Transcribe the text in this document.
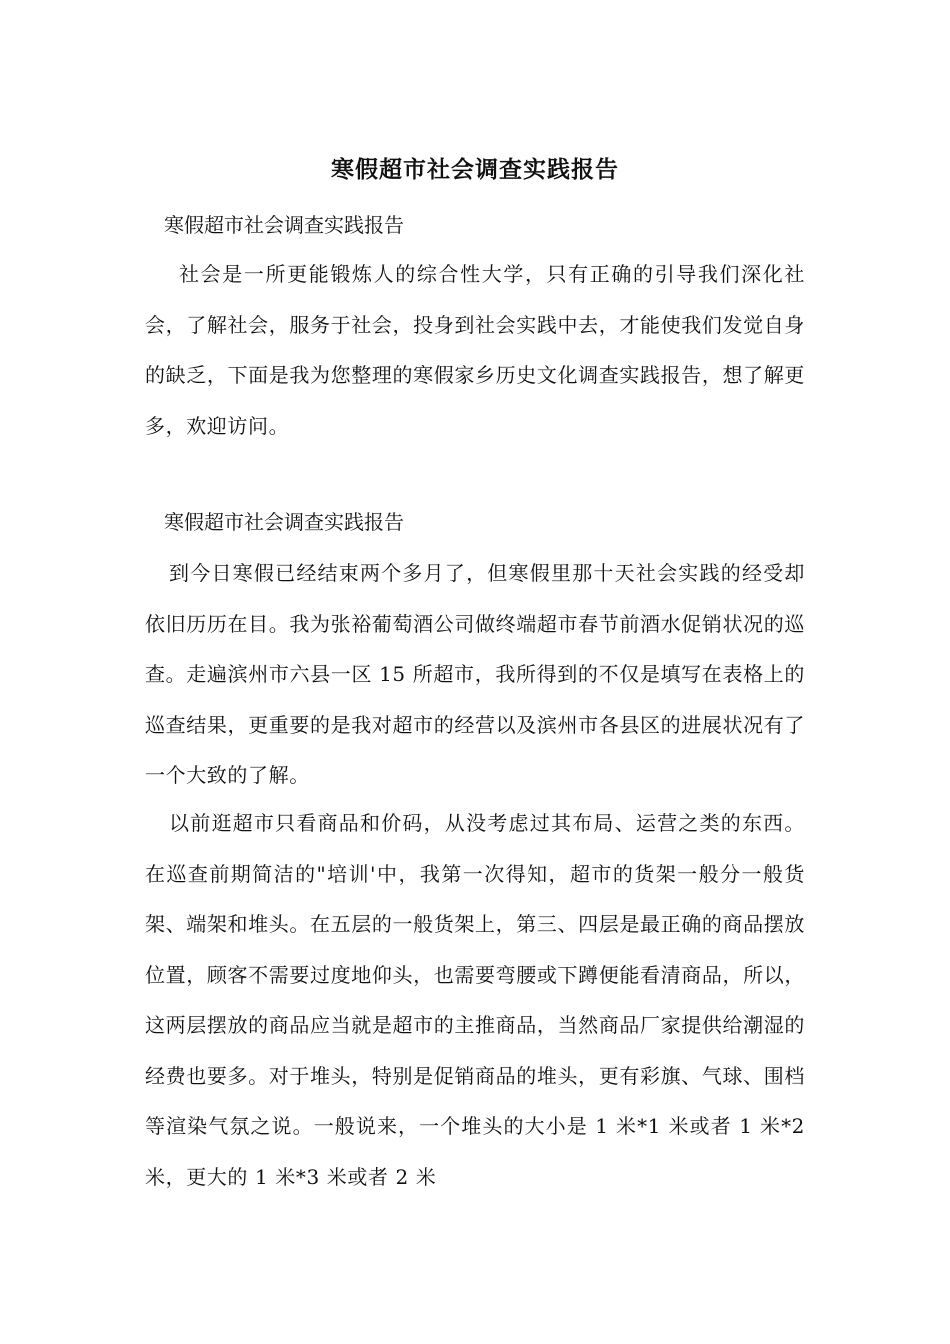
寒假超市社会调查实践报告

寒假超市社会调查实践报告

社会是一所更能锻炼人的综合性大学，只有正确的引导我们深化社会，了解社会，服务于社会，投身到社会实践中去，才能使我们发觉自身的缺乏，下面是我为您整理的寒假家乡历史文化调查实践报告，想了解更多，欢迎访问。

寒假超市社会调查实践报告

到今日寒假已经结束两个多月了，但寒假里那十天社会实践的经受却依旧历历在目。我为张裕葡萄酒公司做终端超市春节前酒水促销状况的巡查。走遍滨州市六县一区 15 所超市，我所得到的不仅是填写在表格上的巡查结果，更重要的是我对超市的经营以及滨州市各县区的进展状况有了一个大致的了解。

以前逛超市只看商品和价码，从没考虑过其布局、运营之类的东西。在巡查前期简洁的"培训'中，我第一次得知，超市的货架一般分一般货架、端架和堆头。在五层的一般货架上，第三、四层是最正确的商品摆放位置，顾客不需要过度地仰头，也需要弯腰或下蹲便能看清商品，所以，这两层摆放的商品应当就是超市的主推商品，当然商品厂家提供给潮湿的经费也要多。对于堆头，特别是促销商品的堆头，更有彩旗、气球、围档等渲染气氛之说。一般说来，一个堆头的大小是 1 米*1 米或者 1 米*2 米，更大的 1 米*3 米或者 2 米
